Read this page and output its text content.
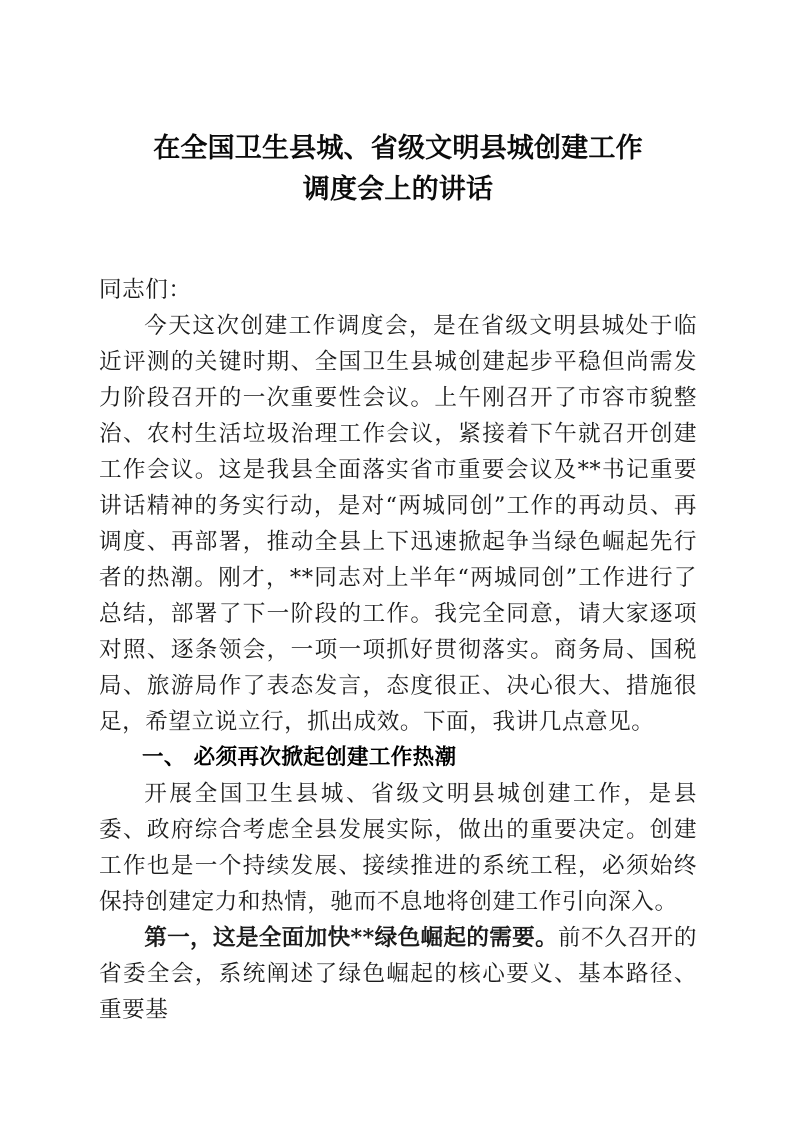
在全国卫生县城、省级文明县城创建工作
调度会上的讲话

同志们：

今天这次创建工作调度会，是在省级文明县城处于临近评测的关键时期、全国卫生县城创建起步平稳但尚需发力阶段召开的一次重要性会议。上午刚召开了市容市貌整治、农村生活垃圾治理工作会议，紧接着下午就召开创建工作会议。这是我县全面落实省市重要会议及**书记重要讲话精神的务实行动，是对“两城同创”工作的再动员、再调度、再部署，推动全县上下迅速掀起争当绿色崛起先行者的热潮。刚才，**同志对上半年“两城同创”工作进行了总结，部署了下一阶段的工作。我完全同意，请大家逐项对照、逐条领会，一项一项抓好贯彻落实。商务局、国税局、旅游局作了表态发言，态度很正、决心很大、措施很足，希望立说立行，抓出成效。下面，我讲几点意见。

一、 必须再次掀起创建工作热潮

开展全国卫生县城、省级文明县城创建工作，是县委、政府综合考虑全县发展实际，做出的重要决定。创建工作也是一个持续发展、接续推进的系统工程，必须始终保持创建定力和热情，驰而不息地将创建工作引向深入。

第一，这是全面加快**绿色崛起的需要。前不久召开的省委全会，系统阐述了绿色崛起的核心要义、基本路径、重要基
